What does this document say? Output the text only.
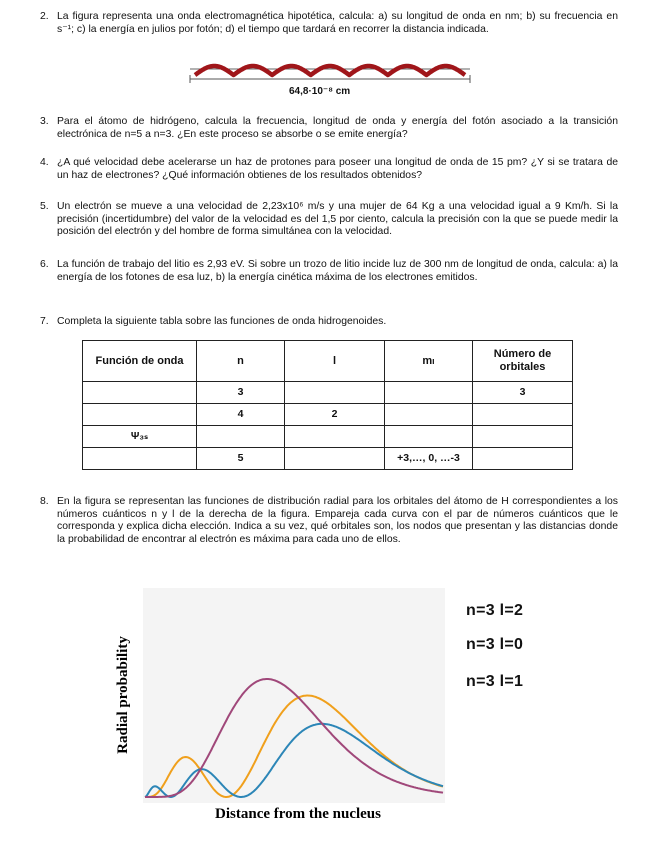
2. La figura representa una onda electromagnética hipotética, calcula: a) su longitud de onda en nm; b) su frecuencia en s⁻¹; c) la energía en julios por fotón; d) el tiempo que tardará en recorrer la distancia indicada.
64,8·10⁻⁸ cm
3. Para el átomo de hidrógeno, calcula la frecuencia, longitud de onda y energía del fotón asociado a la transición electrónica de n=5 a n=3. ¿En este proceso se absorbe o se emite energía?
4. ¿A qué velocidad debe acelerarse un haz de protones para poseer una longitud de onda de 15 pm? ¿Y si se tratara de un haz de electrones? ¿Qué información obtienes de los resultados obtenidos?
5. Un electrón se mueve a una velocidad de 2,23x10⁶ m/s y una mujer de 64 Kg a una velocidad igual a 9 Km/h. Si la precisión (incertidumbre) del valor de la velocidad es del 1,5 por ciento, calcula la precisión con la que se puede medir la posición del electrón y del hombre de forma simultánea con la velocidad.
6. La función de trabajo del litio es 2,93 eV. Si sobre un trozo de litio incide luz de 300 nm de longitud de onda, calcula: a) la energía de los fotones de esa luz, b) la energía cinética máxima de los electrones emitidos.
7. Completa la siguiente tabla sobre las funciones de onda hidrogenoides.
Función de onda	n	l	mₗ	Número de orbitales
	3			3
	4	2		
Ψ₃ₛ				
	5		+3,…, 0, …-3	
8. En la figura se representan las funciones de distribución radial para los orbitales del átomo de H correspondientes a los números cuánticos n y l de la derecha de la figura. Empareja cada curva con el par de números cuánticos que le corresponda y explica dicha elección. Indica a su vez, qué orbitales son, los nodos que presentan y las distancias donde la probabilidad de encontrar al electrón es máxima para cada uno de ellos.
Radial probability
Distance from the nucleus
n=3 l=2
n=3 l=0
n=3 l=1
